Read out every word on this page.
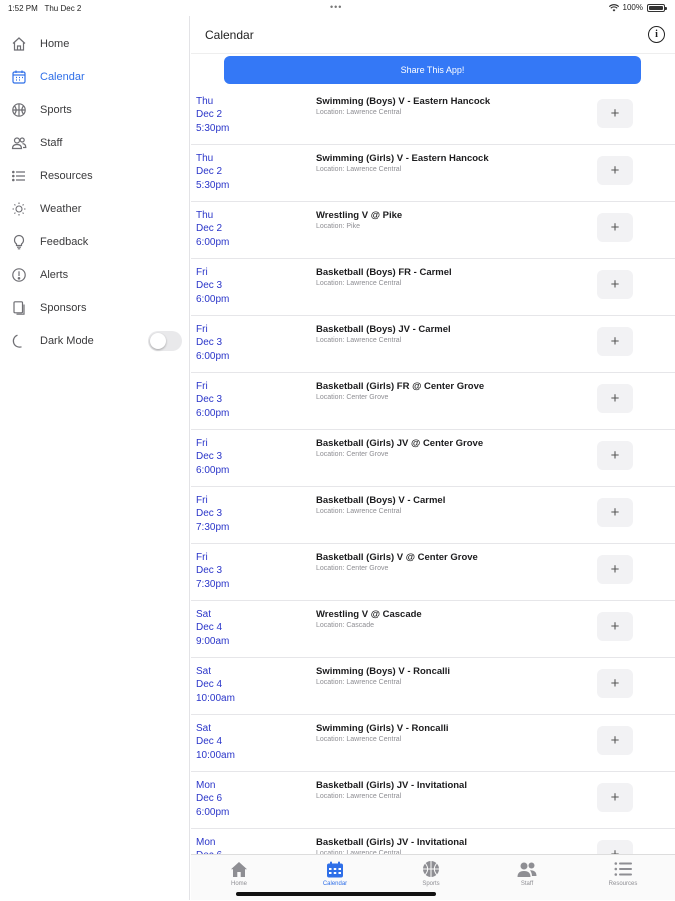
1:52 PM Thu Dec 2	•••	100%
Home
Calendar
Sports
Staff
Resources
Weather
Feedback
Alerts
Sponsors
Dark Mode
Calendar	i
Share This App!
Thu
Dec 2
5:30pm
Swimming (Boys) V - Eastern Hancock
Location: Lawrence Central	+
Thu
Dec 2
5:30pm
Swimming (Girls) V - Eastern Hancock
Location: Lawrence Central	+
Thu
Dec 2
6:00pm
Wrestling V @ Pike
Location: Pike	+
Fri
Dec 3
6:00pm
Basketball (Boys) FR - Carmel
Location: Lawrence Central	+
Fri
Dec 3
6:00pm
Basketball (Boys) JV - Carmel
Location: Lawrence Central	+
Fri
Dec 3
6:00pm
Basketball (Girls) FR @ Center Grove
Location: Center Grove	+
Fri
Dec 3
6:00pm
Basketball (Girls) JV @ Center Grove
Location: Center Grove	+
Fri
Dec 3
7:30pm
Basketball (Boys) V - Carmel
Location: Lawrence Central	+
Fri
Dec 3
7:30pm
Basketball (Girls) V @ Center Grove
Location: Center Grove	+
Sat
Dec 4
9:00am
Wrestling V @ Cascade
Location: Cascade	+
Sat
Dec 4
10:00am
Swimming (Boys) V - Roncalli
Location: Lawrence Central	+
Sat
Dec 4
10:00am
Swimming (Girls) V - Roncalli
Location: Lawrence Central	+
Mon
Dec 6
6:00pm
Basketball (Girls) JV - Invitational
Location: Lawrence Central	+
Mon	Basketball (Girls) JV - Invitational
Home	Calendar	Sports	Staff	Resources
